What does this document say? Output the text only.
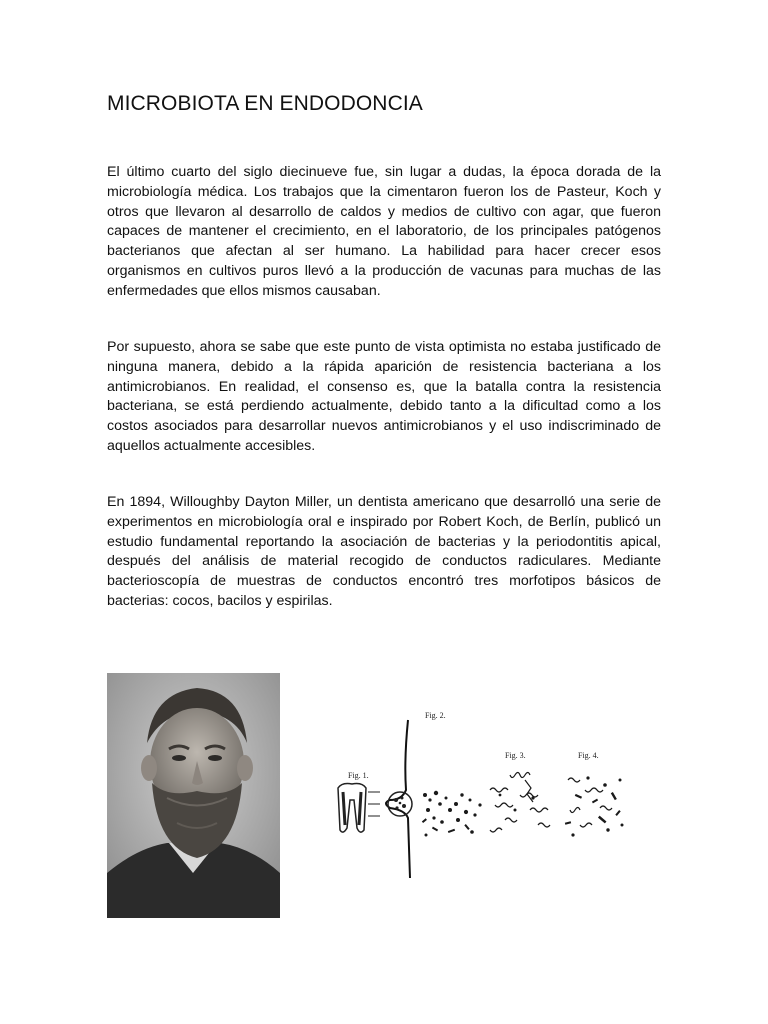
MICROBIOTA EN ENDODONCIA

El último cuarto del siglo diecinueve fue, sin lugar a dudas, la época dorada de la microbiología médica. Los trabajos que la cimentaron fueron los de Pasteur, Koch y otros que llevaron al desarrollo de caldos y medios de cultivo con agar, que fueron capaces de mantener el crecimiento, en el laboratorio, de los principales patógenos bacterianos que afectan al ser humano. La habilidad para hacer crecer esos organismos en cultivos puros llevó a la producción de vacunas para muchas de las enfermedades que ellos mismos causaban.

Por supuesto, ahora se sabe que este punto de vista optimista no estaba justificado de ninguna manera, debido a la rápida aparición de resistencia bacteriana a los antimicrobianos. En realidad, el consenso es, que la batalla contra la resistencia bacteriana, se está perdiendo actualmente, debido tanto a la dificultad como a los costos asociados para desarrollar nuevos antimicrobianos y el uso indiscriminado de aquellos actualmente accesibles.

En 1894, Willoughby Dayton Miller, un dentista americano que desarrolló una serie de experimentos en microbiología oral e inspirado por Robert Koch, de Berlín, publicó un estudio fundamental reportando la asociación de bacterias y la periodontitis apical, después del análisis de material recogido de conductos radiculares. Mediante bacterioscopía de muestras de conductos encontró tres morfotipos básicos de bacterias: cocos, bacilos y espirilas.

Fig. 2.
Fig. 1.
Fig. 3.	Fig. 4.
